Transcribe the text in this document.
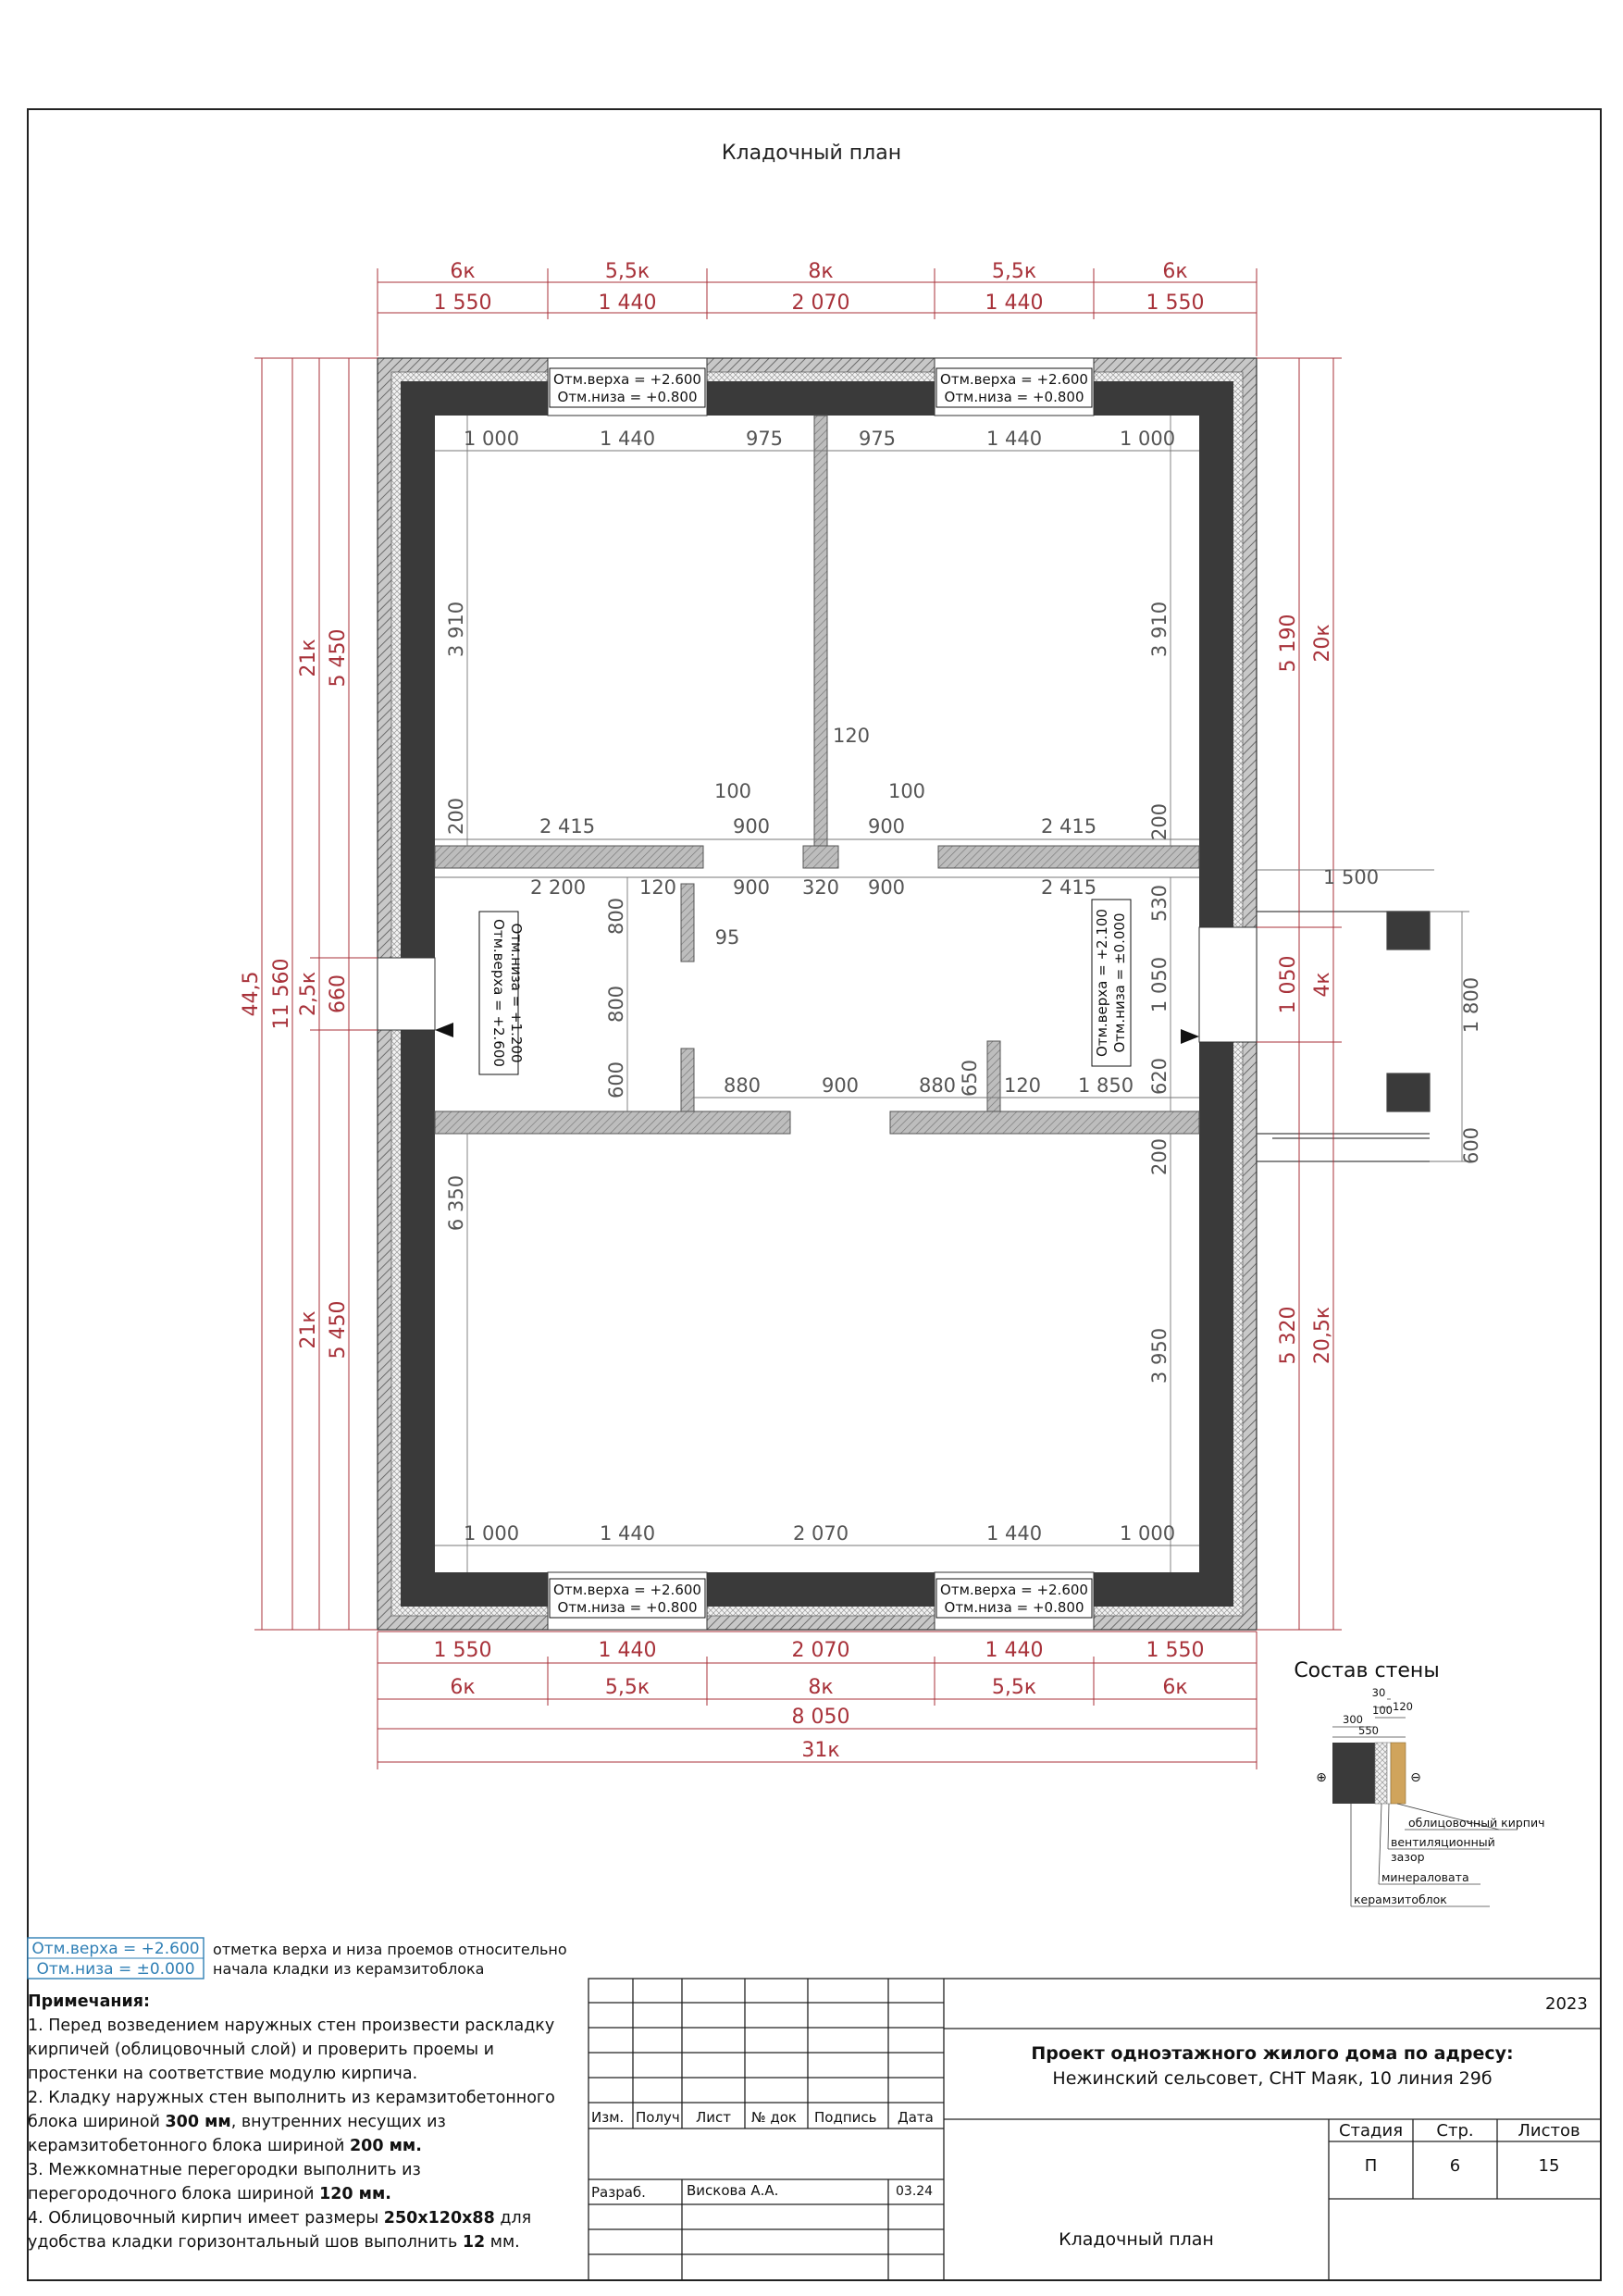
Кладочный план
6к	5,5к	8к	5,5к	6к
1 550	1 440	2 070	1 440	1 550
1 550	1 440	2 070	1 440	1 550
6к	5,5к	8к	5,5к	6к
8 050
31к
44,5 11 560
21к 5 450
2,5к 660
21к 5 450
5 190 20к
1 050 4к
5 320 20,5к
1 000	1 440	975	975	1 440	1 000
1 000	1 440	2 070	1 440	1 000
3 910	3 910
6 350
3 950
120
100	100
2 415	900	900	2 415
2 200	120	900 320 900	2 415
200	200
200
800
800
600
530
1 050
620
95
880	900	880 650 120 1 850
1 500
1 800
600
Отм.верха = +2.600
Отм.низа = +0.800
Отм.верха = +2.600
Отм.низа = +0.800
Отм.верха = +2.600
Отм.низа = +0.800
Отм.верха = +2.600
Отм.низа = +0.800
Отм.верха = +2.600 Отм.низа = +1.200	Отм.верха = +2.100 Отм.низа = ±0.000
Состав стены
30
100 120
300
550
⊕	⊖
облицовочный кирпич
вентиляционный
зазор
минераловата
керамзитоблок
Отм.верха = +2.600
Отм.низа = ±0.000
отметка верха и низа проемов относительно
начала кладки из керамзитоблока
2023
Проект одноэтажного жилого дома по адресу:
Нежинский сельсовет, СНТ Маяк, 10 линия 29б
Изм. Получ Лист № док Подпись Дата
Стадия	Стр.	Листов
П	6	15
Разраб.	Вискова А.А.	03.24
Кладочный план

Примечания:

1. Перед возведением наружных стен произвести раскладку кирпичей (облицовочный слой) и проверить проемы и простенки на соответствие модулю кирпича.

2. Кладку наружных стен выполнить из керамзитобетонного блока шириной 300 мм, внутренних несущих из керамзитобетонного блока шириной 200 мм.

3. Межкомнатные перегородки выполнить из перегородочного блока шириной 120 мм.

4. Облицовочный кирпич имеет размеры 250x120x88 для удобства кладки горизонтальный шов выполнить 12 мм.
